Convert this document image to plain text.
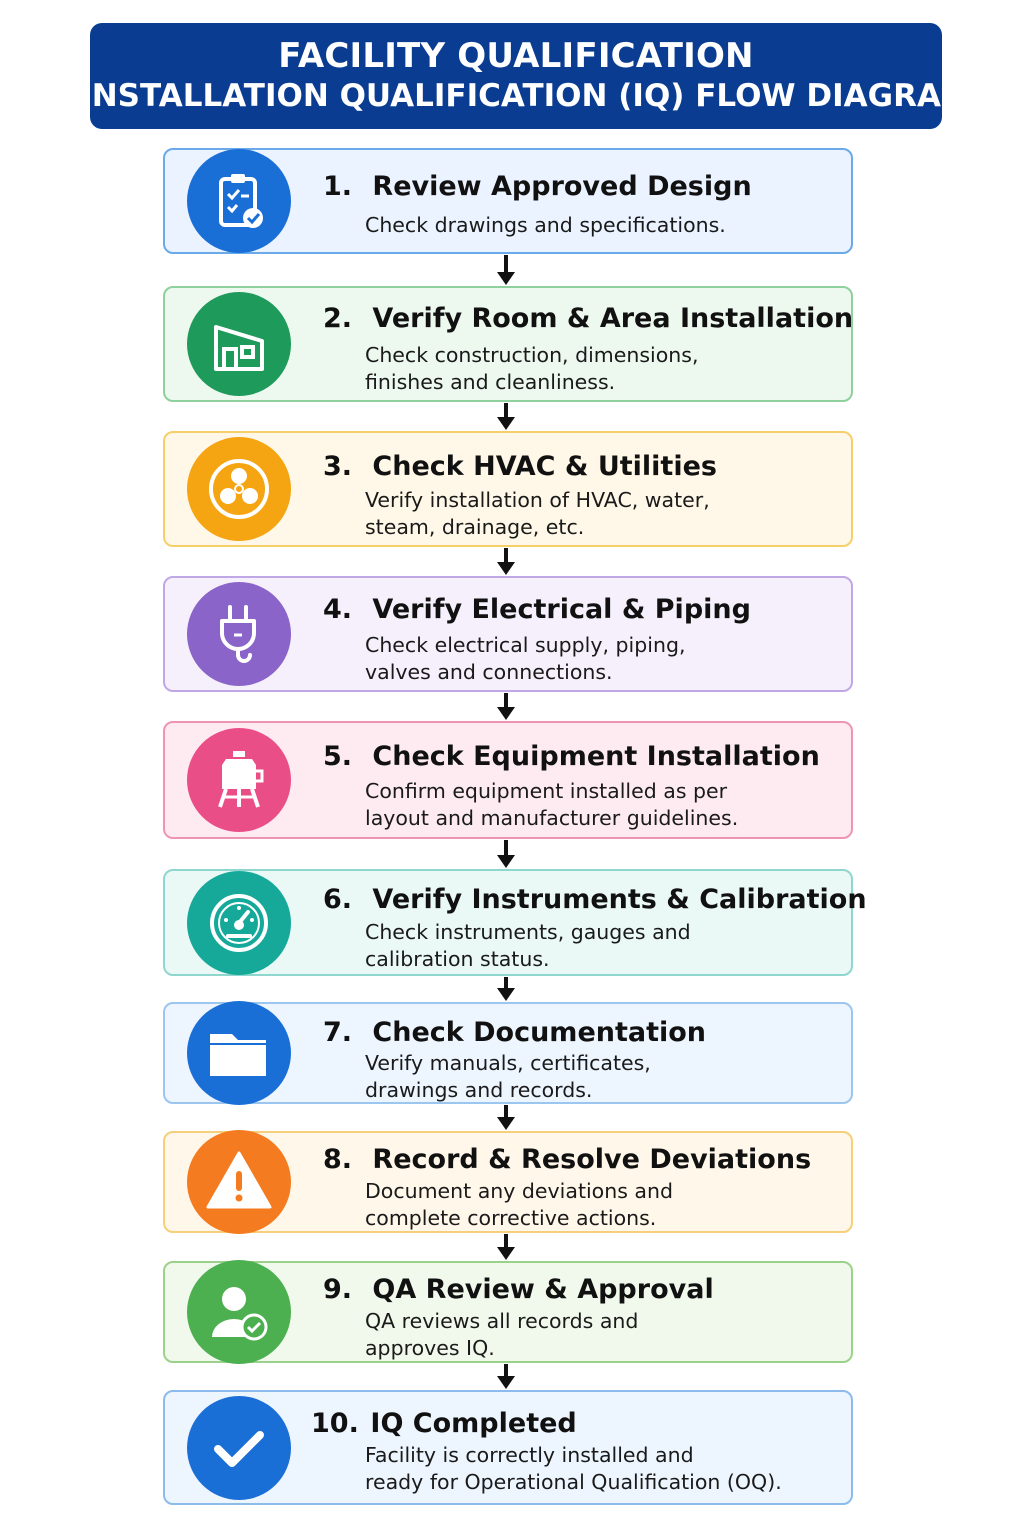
FACILITY QUALIFICATION
INSTALLATION QUALIFICATION (IQ) FLOW DIAGRAM
1. Review Approved Design
Check drawings and specifications.
2. Verify Room & Area Installation
Check construction, dimensions,
finishes and cleanliness.
3. Check HVAC & Utilities
Verify installation of HVAC, water,
steam, drainage, etc.
4. Verify Electrical & Piping
Check electrical supply, piping,
valves and connections.
5. Check Equipment Installation
Confirm equipment installed as per
layout and manufacturer guidelines.
6. Verify Instruments & Calibration
Check instruments, gauges and
calibration status.
7. Check Documentation
Verify manuals, certificates,
drawings and records.
8. Record & Resolve Deviations
Document any deviations and
complete corrective actions.
9. QA Review & Approval
QA reviews all records and
approves IQ.
10. IQ Completed
Facility is correctly installed and
ready for Operational Qualification (OQ).
